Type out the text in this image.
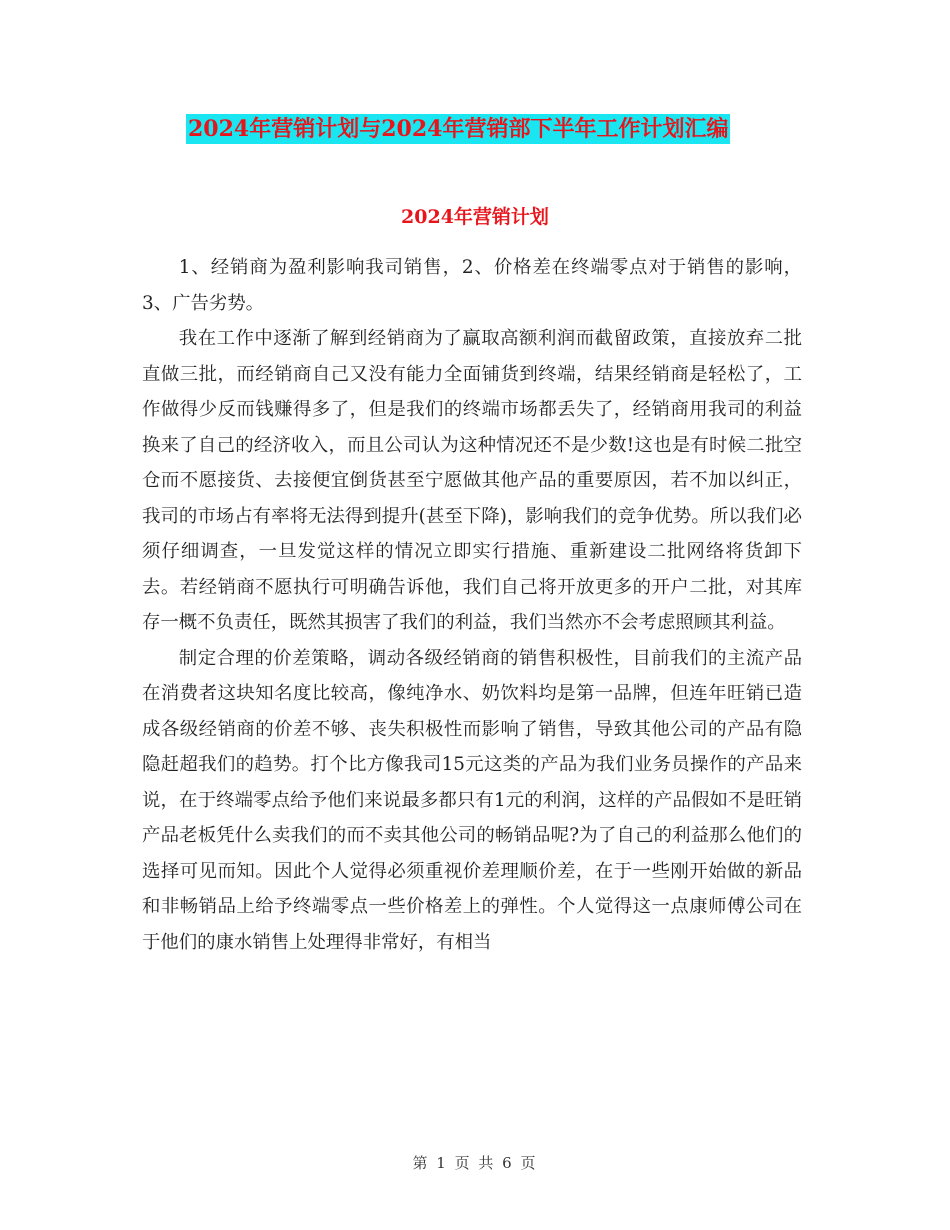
2024年营销计划与2024年营销部下半年工作计划汇编
2024年营销计划

1、经销商为盈利影响我司销售，2、价格差在终端零点对于销售的影响，3、广告劣势。

我在工作中逐渐了解到经销商为了赢取高额利润而截留政策，直接放弃二批直做三批，而经销商自己又没有能力全面铺货到终端，结果经销商是轻松了，工作做得少反而钱赚得多了，但是我们的终端市场都丢失了，经销商用我司的利益换来了自己的经济收入，而且公司认为这种情况还不是少数!这也是有时候二批空仓而不愿接货、去接便宜倒货甚至宁愿做其他产品的重要原因，若不加以纠正，我司的市场占有率将无法得到提升(甚至下降)，影响我们的竞争优势。所以我们必须仔细调查，一旦发觉这样的情况立即实行措施、重新建设二批网络将货卸下去。若经销商不愿执行可明确告诉他，我们自己将开放更多的开户二批，对其库存一概不负责任，既然其损害了我们的利益，我们当然亦不会考虑照顾其利益。

制定合理的价差策略，调动各级经销商的销售积极性，目前我们的主流产品在消费者这块知名度比较高，像纯净水、奶饮料均是第一品牌，但连年旺销已造成各级经销商的价差不够、丧失积极性而影响了销售，导致其他公司的产品有隐隐赶超我们的趋势。打个比方像我司15元这类的产品为我们业务员操作的产品来说，在于终端零点给予他们来说最多都只有1元的利润，这样的产品假如不是旺销产品老板凭什么卖我们的而不卖其他公司的畅销品呢?为了自己的利益那么他们的选择可见而知。因此个人觉得必须重视价差理顺价差，在于一些刚开始做的新品和非畅销品上给予终端零点一些价格差上的弹性。个人觉得这一点康师傅公司在于他们的康水销售上处理得非常好，有相当

第 1 页 共 6 页
